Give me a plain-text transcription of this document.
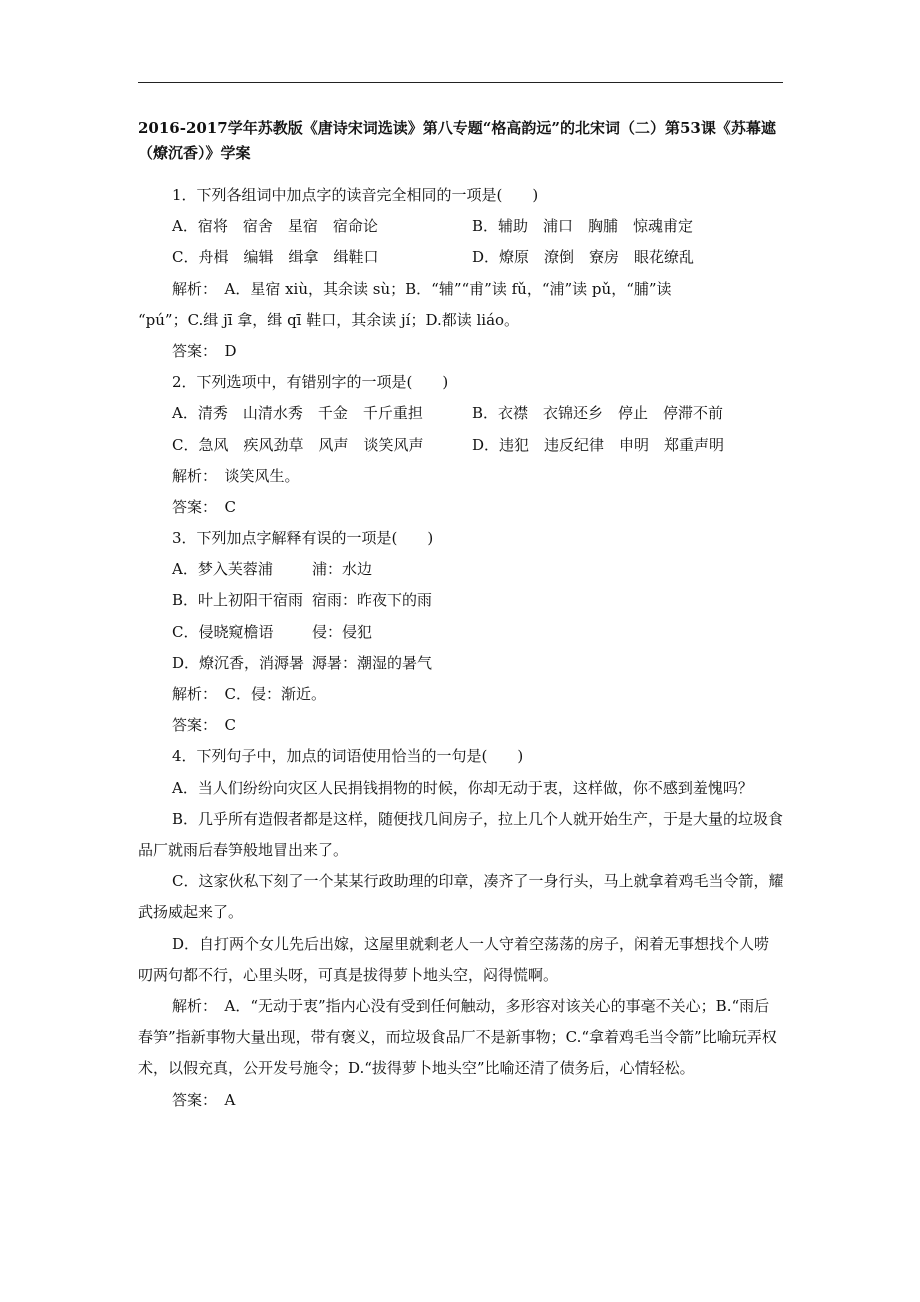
2016-2017学年苏教版《唐诗宋词选读》第八专题“格高韵远”的北宋词（二）第53课《苏幕遮（燎沉香）》学案
1．下列各组词中加点字的读音完全相同的一项是(　　)
A．宿将　宿舍　星宿　宿命论	B．辅助　浦口　胸脯　惊魂甫定
C．舟楫　编辑　缉拿　缉鞋口	D．燎原　潦倒　寮房　眼花缭乱
解析：　A．星宿 xiù，其余读 sù；B．“辅”“甫”读 fǔ，“浦”读 pǔ，“脯”读
“pú”；C.缉 jī 拿，缉 qī 鞋口，其余读 jí；D.都读 liáo。
答案：　D
2．下列选项中，有错别字的一项是(　　)
A．清秀　山清水秀　千金　千斤重担	B．衣襟　衣锦还乡　停止　停滞不前
C．急风　疾风劲草　风声　谈笑风声	D．违犯　违反纪律　申明　郑重声明
解析：　谈笑风生。
答案：　C
3．下列加点字解释有误的一项是(　　)
A．梦入芙蓉浦	浦：水边
B．叶上初阳干宿雨 宿雨：昨夜下的雨
C．侵晓窥檐语	侵：侵犯
D．燎沉香，消溽暑 溽暑：潮湿的暑气
解析：　C．侵：渐近。
答案：　C
4．下列句子中，加点的词语使用恰当的一句是(　　)
A．当人们纷纷向灾区人民捐钱捐物的时候，你却无动于衷，这样做，你不感到羞愧吗？
B．几乎所有造假者都是这样，随便找几间房子，拉上几个人就开始生产，于是大量的垃圾食品厂就雨后春笋般地冒出来了。
C．这家伙私下刻了一个某某行政助理的印章，凑齐了一身行头，马上就拿着鸡毛当令箭，耀武扬威起来了。
D．自打两个女儿先后出嫁，这屋里就剩老人一人守着空荡荡的房子，闲着无事想找个人唠叨两句都不行，心里头呀，可真是拔得萝卜地头空，闷得慌啊。
解析：　A．“无动于衷”指内心没有受到任何触动，多形容对该关心的事毫不关心；B.“雨后春笋”指新事物大量出现，带有褒义，而垃圾食品厂不是新事物；C.“拿着鸡毛当令箭”比喻玩弄权术，以假充真，公开发号施令；D.“拔得萝卜地头空”比喻还清了债务后，心情轻松。
答案：　A
